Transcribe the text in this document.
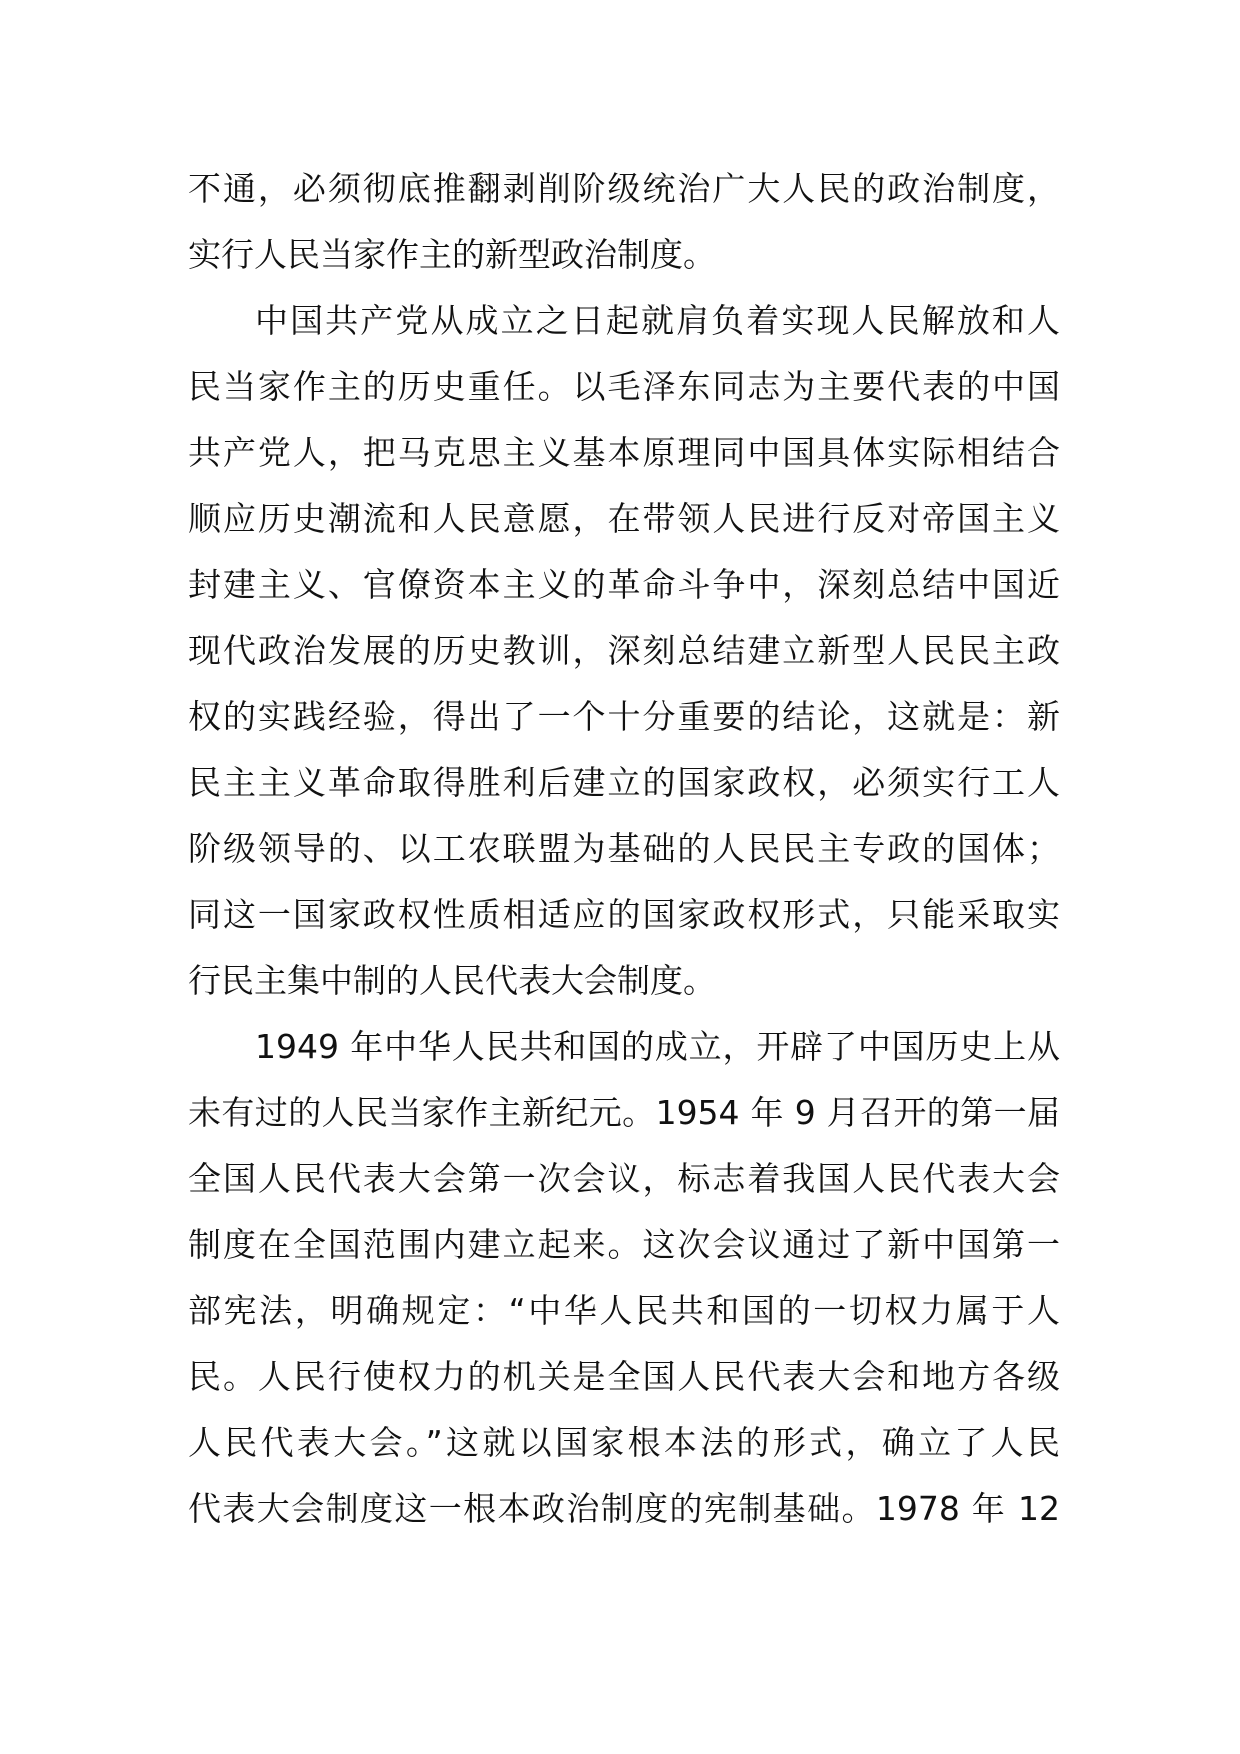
不通，必须彻底推翻剥削阶级统治广大人民的政治制度，
实行人民当家作主的新型政治制度。
中国共产党从成立之日起就肩负着实现人民解放和人
民当家作主的历史重任。以毛泽东同志为主要代表的中国
共产党人，把马克思主义基本原理同中国具体实际相结合
顺应历史潮流和人民意愿，在带领人民进行反对帝国主义
封建主义、官僚资本主义的革命斗争中，深刻总结中国近
现代政治发展的历史教训，深刻总结建立新型人民民主政
权的实践经验，得出了一个十分重要的结论，这就是：新
民主主义革命取得胜利后建立的国家政权，必须实行工人
阶级领导的、以工农联盟为基础的人民民主专政的国体；
同这一国家政权性质相适应的国家政权形式，只能采取实
行民主集中制的人民代表大会制度。
1949 年中华人民共和国的成立，开辟了中国历史上从
未有过的人民当家作主新纪元。1954 年 9 月召开的第一届
全国人民代表大会第一次会议，标志着我国人民代表大会
制度在全国范围内建立起来。这次会议通过了新中国第一
部宪法，明确规定：“中华人民共和国的一切权力属于人
民。人民行使权力的机关是全国人民代表大会和地方各级
人民代表大会。”这就以国家根本法的形式，确立了人民
代表大会制度这一根本政治制度的宪制基础。1978 年 12
